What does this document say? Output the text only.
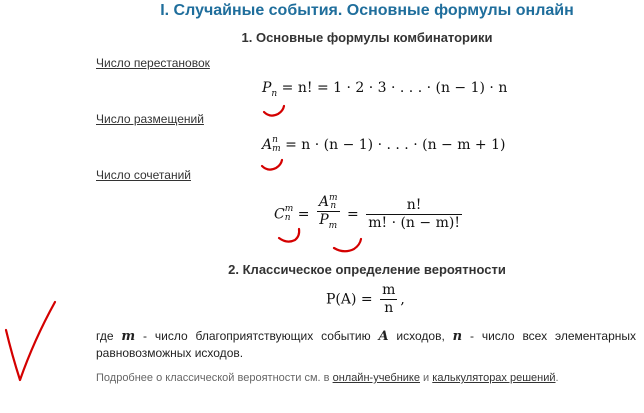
I. Случайные события. Основные формулы онлайн
1. Основные формулы комбинаторики
Число перестановок
$P_n = n$! = 1 · 2 · 3 · . . . · (n − 1) · n
Число размещений
A n
m = n · (n − 1) · . . . · (n − m + 1)
Число сочетаний
C m
n = A m
n
$P_m = \frac{n!}{m! \cdot (n - m)!}$
2. Классическое определение вероятности
$P(A) = \frac{m}{n}$ ,
где m - число благоприятствующих событию A исходов, n - число всех элементарных равновозможных исходов.
Подробнее о классической вероятности см. в онлайн-учебнике и калькуляторах решений.
